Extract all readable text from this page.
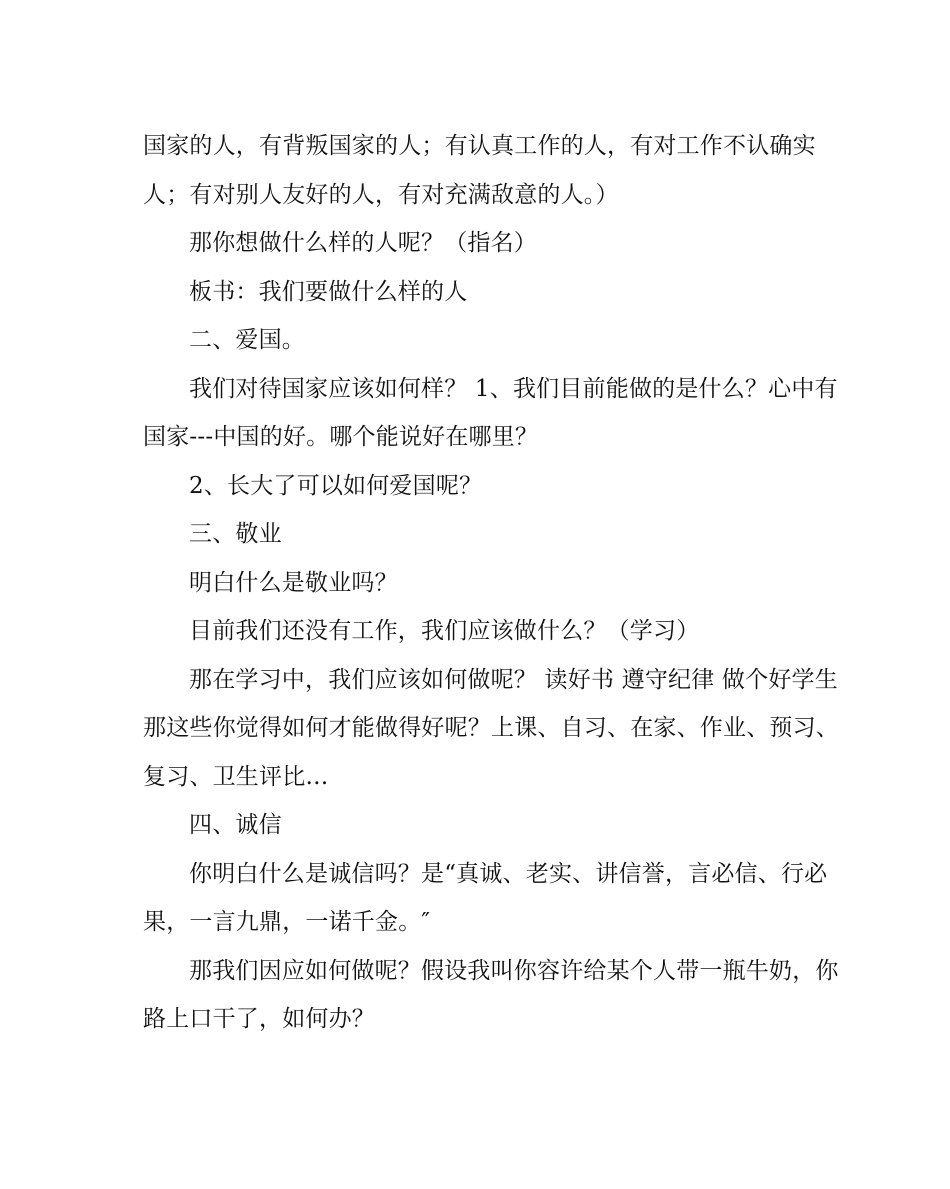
国家的人，有背叛国家的人；有认真工作的人，有对工作不认确实
人；有对别人友好的人，有对充满敌意的人。）
那你想做什么样的人呢？（指名）
板书：我们要做什么样的人
二、爱国。
我们对待国家应该如何样？ 1、我们目前能做的是什么？心中有
国家---中国的好。哪个能说好在哪里？
2、长大了可以如何爱国呢？
三、敬业
明白什么是敬业吗？
目前我们还没有工作，我们应该做什么？（学习）
那在学习中，我们应该如何做呢？ 读好书 遵守纪律 做个好学生
那这些你觉得如何才能做得好呢？上课、自习、在家、作业、预习、
复习、卫生评比…
四、诚信
你明白什么是诚信吗？是“真诚、老实、讲信誉，言必信、行必
果，一言九鼎，一诺千金。″
那我们因应如何做呢？假设我叫你容许给某个人带一瓶牛奶，你
路上口干了，如何办？
